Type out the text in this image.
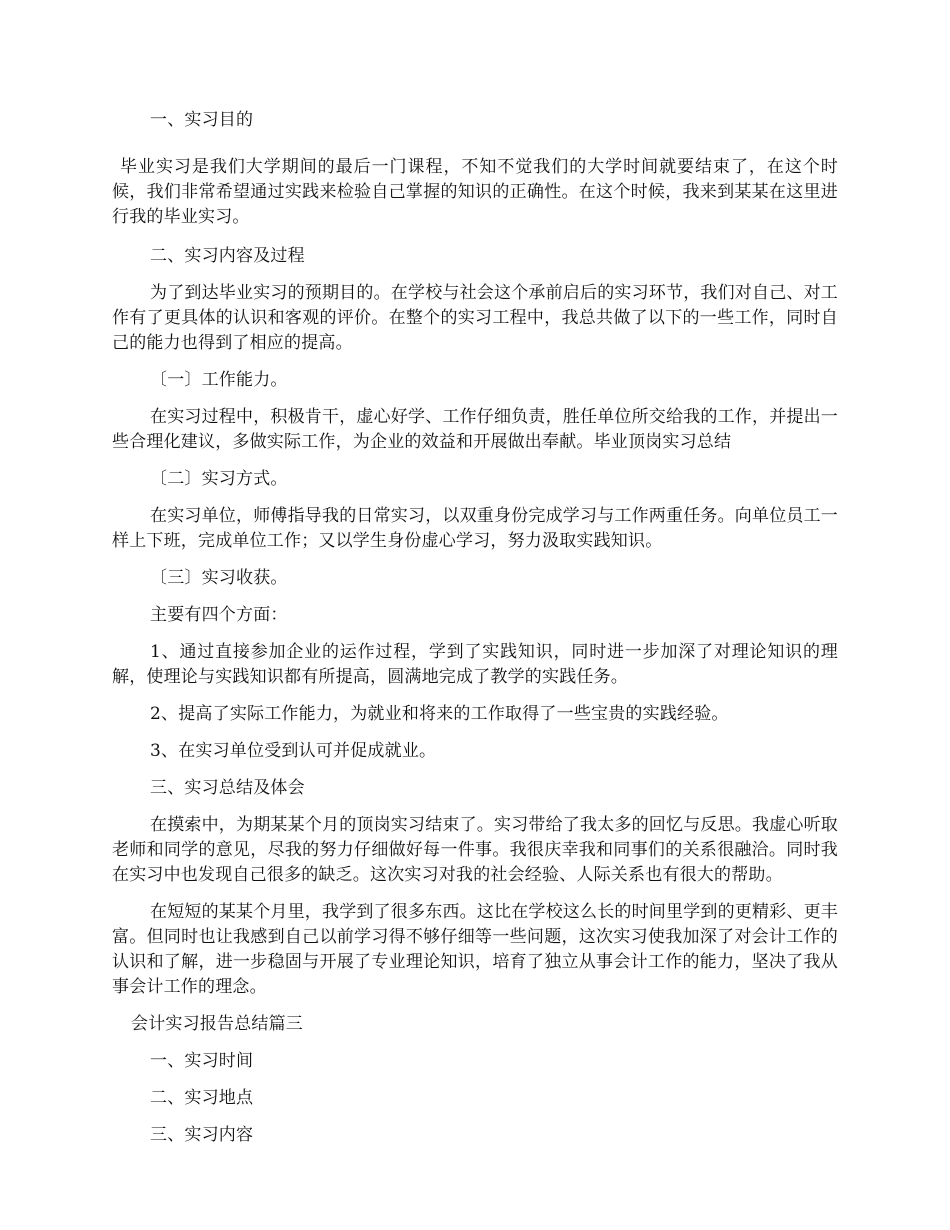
一、实习目的

毕业实习是我们大学期间的最后一门课程，不知不觉我们的大学时间就要结束了，在这个时候，我们非常希望通过实践来检验自己掌握的知识的正确性。在这个时候，我来到某某在这里进行我的毕业实习。

二、实习内容及过程

为了到达毕业实习的预期目的。在学校与社会这个承前启后的实习环节，我们对自己、对工作有了更具体的认识和客观的评价。在整个的实习工程中，我总共做了以下的一些工作，同时自己的能力也得到了相应的提高。

〔一〕工作能力。

在实习过程中，积极肯干，虚心好学、工作仔细负责，胜任单位所交给我的工作，并提出一些合理化建议，多做实际工作，为企业的效益和开展做出奉献。毕业顶岗实习总结

〔二〕实习方式。

在实习单位，师傅指导我的日常实习，以双重身份完成学习与工作两重任务。向单位员工一样上下班，完成单位工作；又以学生身份虚心学习，努力汲取实践知识。

〔三〕实习收获。

主要有四个方面：

1、通过直接参加企业的运作过程，学到了实践知识，同时进一步加深了对理论知识的理解，使理论与实践知识都有所提高，圆满地完成了教学的实践任务。

2、提高了实际工作能力，为就业和将来的工作取得了一些宝贵的实践经验。

3、在实习单位受到认可并促成就业。

三、实习总结及体会

在摸索中，为期某某个月的顶岗实习结束了。实习带给了我太多的回忆与反思。我虚心听取老师和同学的意见，尽我的努力仔细做好每一件事。我很庆幸我和同事们的关系很融洽。同时我在实习中也发现自己很多的缺乏。这次实习对我的社会经验、人际关系也有很大的帮助。

在短短的某某个月里，我学到了很多东西。这比在学校这么长的时间里学到的更精彩、更丰富。但同时也让我感到自己以前学习得不够仔细等一些问题，这次实习使我加深了对会计工作的认识和了解，进一步稳固与开展了专业理论知识，培育了独立从事会计工作的能力，坚决了我从事会计工作的理念。

会计实习报告总结篇三

一、实习时间

二、实习地点

三、实习内容
